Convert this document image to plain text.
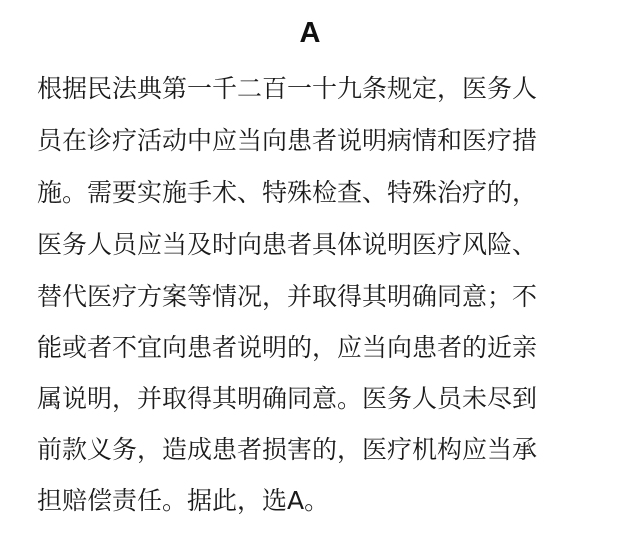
A
根据民法典第一千二百一十九条规定，医务人
员在诊疗活动中应当向患者说明病情和医疗措
施。需要实施手术、特殊检查、特殊治疗的，
医务人员应当及时向患者具体说明医疗风险、
替代医疗方案等情况，并取得其明确同意；不
能或者不宜向患者说明的，应当向患者的近亲
属说明，并取得其明确同意。医务人员未尽到
前款义务，造成患者损害的，医疗机构应当承
担赔偿责任。据此，选A。
